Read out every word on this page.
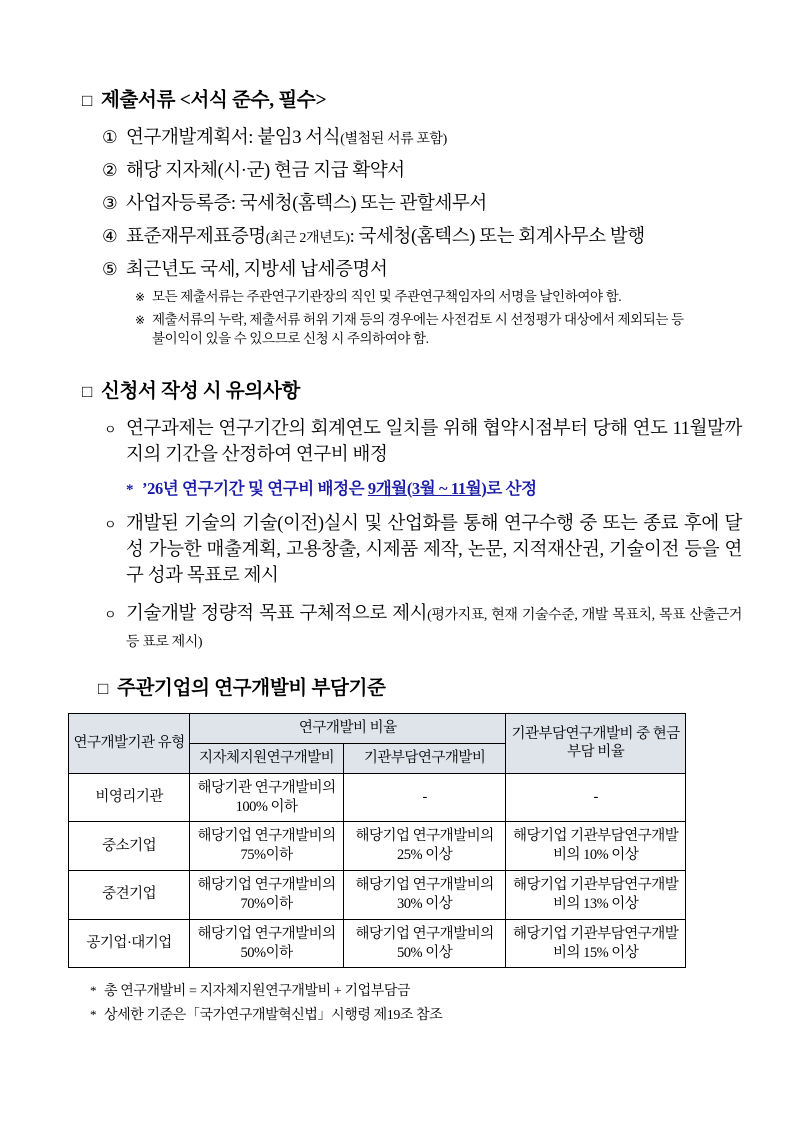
□ 제출서류 <서식 준수, 필수>
① 연구개발계획서: 붙임3 서식(별첨된 서류 포함)
② 해당 지자체(시·군) 현금 지급 확약서
③ 사업자등록증: 국세청(홈텍스) 또는 관할세무서
④ 표준재무제표증명(최근 2개년도): 국세청(홈텍스) 또는 회계사무소 발행
⑤ 최근년도 국세, 지방세 납세증명서
※ 모든 제출서류는 주관연구기관장의 직인 및 주관연구책임자의 서명을 날인하여야 함.
※ 제출서류의 누락, 제출서류 허위 기재 등의 경우에는 사전검토 시 선정평가 대상에서 제외되는 등 불이익이 있을 수 있으므로 신청 시 주의하여야 함.
□ 신청서 작성 시 유의사항
ㅇ 연구과제는 연구기간의 회계연도 일치를 위해 협약시점부터 당해 연도 11월말까지의 기간을 산정하여 연구비 배정
* ’26년 연구기간 및 연구비 배정은 9개월(3월 ~ 11월)로 산정
ㅇ 개발된 기술의 기술(이전)실시 및 산업화를 통해 연구수행 중 또는 종료 후에 달성 가능한 매출계획, 고용창출, 시제품 제작, 논문, 지적재산권, 기술이전 등을 연구 성과 목표로 제시
ㅇ 기술개발 정량적 목표 구체적으로 제시(평가지표, 현재 기술수준, 개발 목표치, 목표 산출근거 등 표로 제시)
□ 주관기업의 연구개발비 부담기준
연구개발기관 유형	연구개발비 비율		기관부담연구개발비 중 현금 부담 비율
	지자체지원연구개발비	기관부담연구개발비	
비영리기관	해당기관 연구개발비의 100% 이하	-	-
중소기업	해당기업 연구개발비의 75%이하	해당기업 연구개발비의 25% 이상	해당기업 기관부담연구개발비의 10% 이상
중견기업	해당기업 연구개발비의 70%이하	해당기업 연구개발비의 30% 이상	해당기업 기관부담연구개발비의 13% 이상
공기업·대기업	해당기업 연구개발비의 50%이하	해당기업 연구개발비의 50% 이상	해당기업 기관부담연구개발비의 15% 이상
* 총 연구개발비 = 지자체지원연구개발비 + 기업부담금
* 상세한 기준은「국가연구개발혁신법」시행령 제19조 참조
